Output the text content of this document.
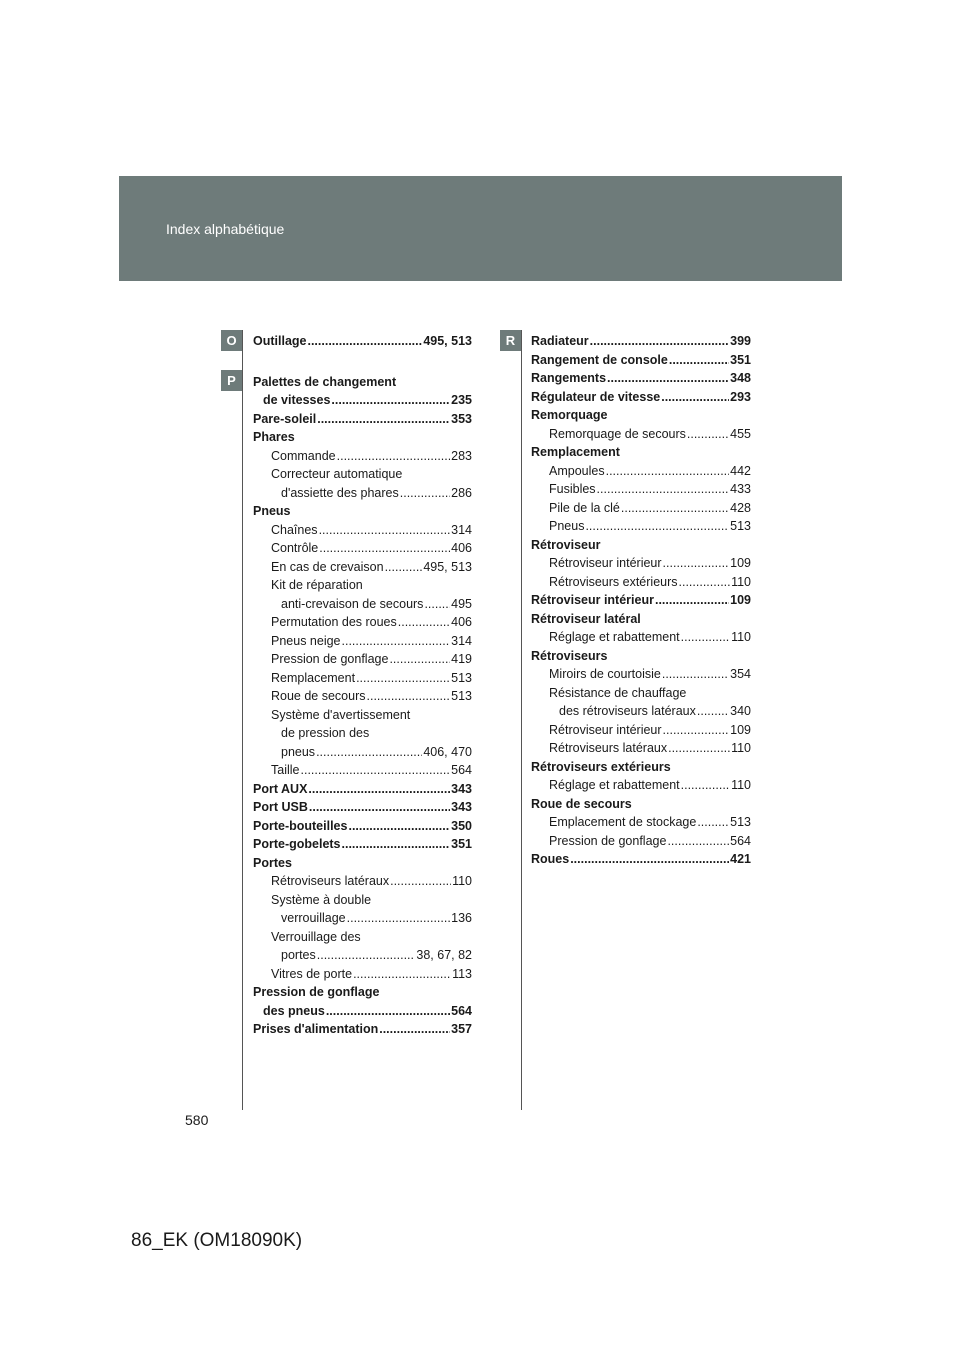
Index alphabétique
O
P
R
Outillage .....	495, 513
Palettes de changement
de vitesses .....	235
Pare-soleil .....	353
Phares
Commande .....	283
Correcteur automatique
d'assiette des phares .....	286
Pneus
Chaînes .....	314
Contrôle .....	406
En cas de crevaison .....	495, 513
Kit de réparation
anti-crevaison de secours ..... 495
Permutation des roues .....	406
Pneus neige .....	314
Pression de gonflage .....	419
Remplacement .....	513
Roue de secours .....	513
Système d'avertissement
de pression des
pneus .....	406, 470
Taille .....	564
Port AUX .....	343
Port USB .....	343
Porte-bouteilles .....	350
Porte-gobelets .....	351
Portes
Rétroviseurs latéraux .....	110
Système à double
verrouillage .....	136
Verrouillage des
portes .....	38, 67, 82
Vitres de porte .....	113
Pression de gonflage
des pneus .....	564
Prises d'alimentation .....	357
Radiateur .....	399
Rangement de console .....	351
Rangements .....	348
Régulateur de vitesse .....	293
Remorquage
Remorquage de secours .....	455
Remplacement
Ampoules .....	442
Fusibles .....	433
Pile de la clé .....	428
Pneus .....	513
Rétroviseur
Rétroviseur intérieur .....	109
Rétroviseurs extérieurs .....	110
Rétroviseur intérieur .....	109
Rétroviseur latéral
Réglage et rabattement .....	110
Rétroviseurs
Miroirs de courtoisie .....	354
Résistance de chauffage
des rétroviseurs latéraux .....	340
Rétroviseur intérieur .....	109
Rétroviseurs latéraux .....	110
Rétroviseurs extérieurs
Réglage et rabattement .....	110
Roue de secours
Emplacement de stockage .....	513
Pression de gonflage .....	564
Roues .....	421
580
86_EK (OM18090K)
